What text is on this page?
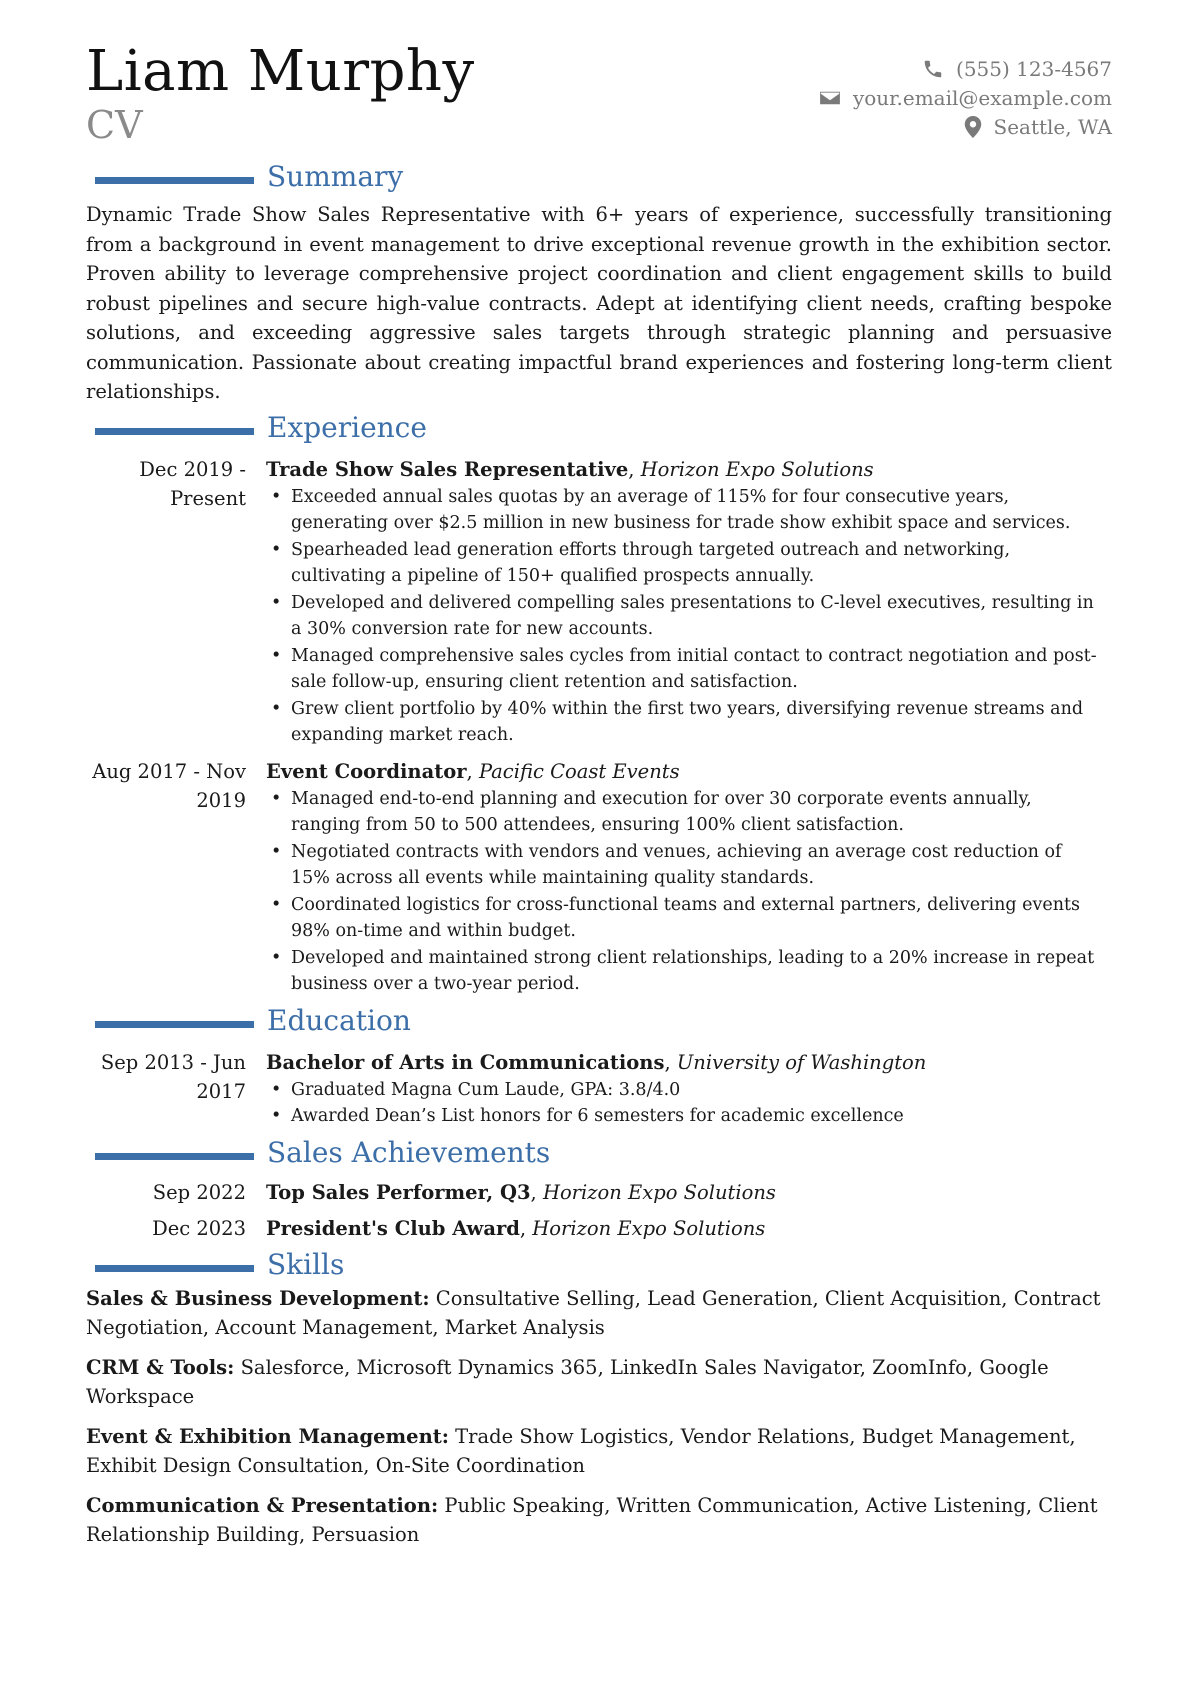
Liam Murphy
CV
(555) 123-4567
your.email@example.com
Seattle, WA
Summary

Dynamic Trade Show Sales Representative with 6+ years of experience, successfully transitioning from a background in event management to drive exceptional revenue growth in the exhibition sector. Proven ability to leverage comprehensive project coordination and client engagement skills to build robust pipelines and secure high-value contracts. Adept at identifying client needs, crafting bespoke solutions, and exceeding aggressive sales targets through strategic planning and persuasive communication. Passionate about creating impactful brand experiences and fostering long-term client relationships.

Experience
Dec 2019 - Present
Trade Show Sales Representative, Horizon Expo Solutions
• Exceeded annual sales quotas by an average of 115% for four consecutive years, generating over $2.5 million in new business for trade show exhibit space and services.
• Spearheaded lead generation efforts through targeted outreach and networking, cultivating a pipeline of 150+ qualified prospects annually.
• Developed and delivered compelling sales presentations to C-level executives, resulting in a 30% conversion rate for new accounts.
• Managed comprehensive sales cycles from initial contact to contract negotiation and post-sale follow-up, ensuring client retention and satisfaction.
• Grew client portfolio by 40% within the first two years, diversifying revenue streams and expanding market reach.
Aug 2017 - Nov 2019
Event Coordinator, Pacific Coast Events
• Managed end-to-end planning and execution for over 30 corporate events annually, ranging from 50 to 500 attendees, ensuring 100% client satisfaction.
• Negotiated contracts with vendors and venues, achieving an average cost reduction of 15% across all events while maintaining quality standards.
• Coordinated logistics for cross-functional teams and external partners, delivering events 98% on-time and within budget.
• Developed and maintained strong client relationships, leading to a 20% increase in repeat business over a two-year period.
Education
Sep 2013 - Jun 2017
Bachelor of Arts in Communications, University of Washington
• Graduated Magna Cum Laude, GPA: 3.8/4.0
• Awarded Dean’s List honors for 6 semesters for academic excellence
Sales Achievements
Sep 2022	Top Sales Performer, Q3, Horizon Expo Solutions
Dec 2023	President's Club Award, Horizon Expo Solutions
Skills
Sales & Business Development: Consultative Selling, Lead Generation, Client Acquisition, Contract Negotiation, Account Management, Market Analysis
CRM & Tools: Salesforce, Microsoft Dynamics 365, LinkedIn Sales Navigator, ZoomInfo, Google Workspace
Event & Exhibition Management: Trade Show Logistics, Vendor Relations, Budget Management, Exhibit Design Consultation, On-Site Coordination
Communication & Presentation: Public Speaking, Written Communication, Active Listening, Client Relationship Building, Persuasion
